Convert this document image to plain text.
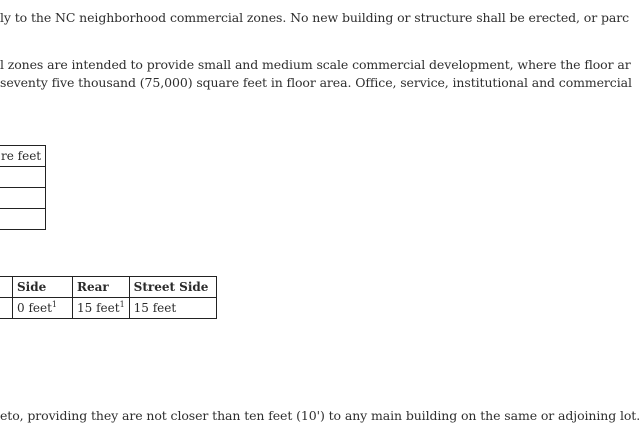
ly to the NC neighborhood commercial zones. No new building or structure shall be erected, or parc
l zones are intended to provide small and medium scale commercial development, where the floor ar
seventy five thousand (75,000) square feet in floor area. Office, service, institutional and commercial
re feet

	Side	Rear	Street Side
	0 feet$^1$	15 feet$^1$	15 feet
eto, providing they are not closer than ten feet (10') to any main building on the same or adjoining lot.
